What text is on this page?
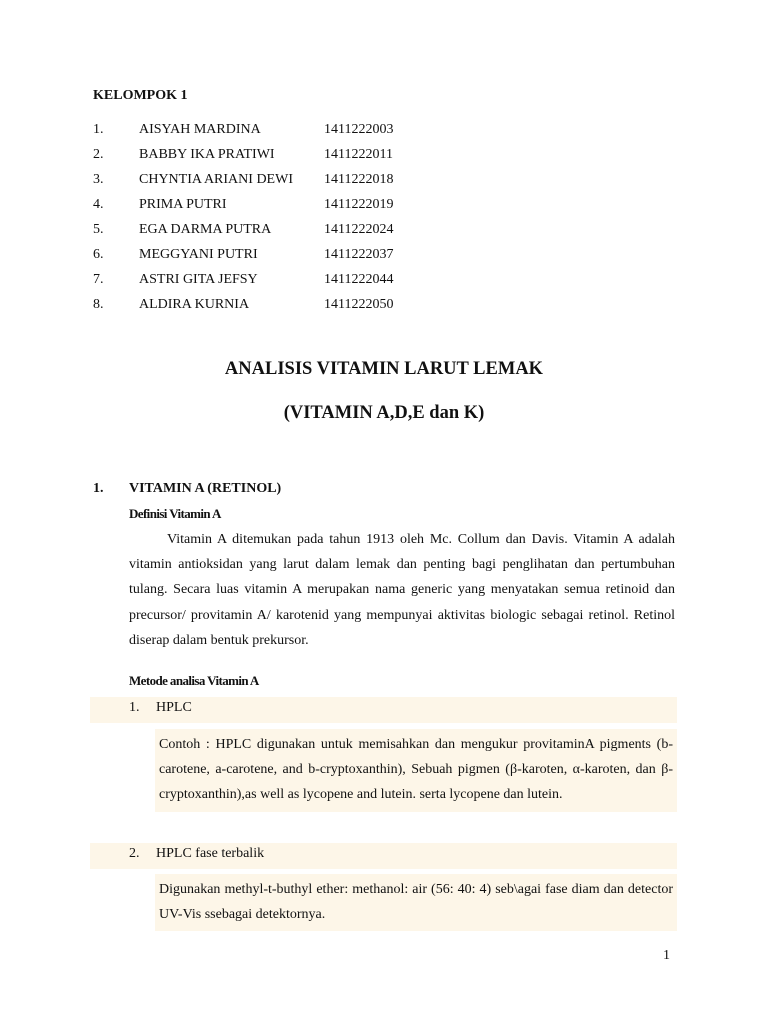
KELOMPOK 1
1.	AISYAH MARDINA	1411222003
2.	BABBY IKA PRATIWI	1411222011
3.	CHYNTIA ARIANI DEWI 1411222018
4.	PRIMA PUTRI	1411222019
5.	EGA DARMA PUTRA	1411222024
6.	MEGGYANI PUTRI	1411222037
7.	ASTRI GITA JEFSY	1411222044
8.	ALDIRA KURNIA	1411222050
ANALISIS VITAMIN LARUT LEMAK
(VITAMIN A,D,E dan K)
1. VITAMIN A (RETINOL)
Definisi Vitamin A

Vitamin A ditemukan pada tahun 1913 oleh Mc. Collum dan Davis. Vitamin A adalah vitamin antioksidan yang larut dalam lemak dan penting bagi penglihatan dan pertumbuhan tulang. Secara luas vitamin A merupakan nama generic yang menyatakan semua retinoid dan precursor/ provitamin A/ karotenid yang mempunyai aktivitas biologic sebagai retinol. Retinol diserap dalam bentuk prekursor.

Metode analisa Vitamin A
1. HPLC
Contoh : HPLC digunakan untuk memisahkan dan mengukur provitaminA pigments (b-carotene, a-carotene, and b-cryptoxanthin), Sebuah pigmen (β-karoten, α-karoten, dan β-cryptoxanthin),as well as lycopene and lutein. serta lycopene dan lutein.
2. HPLC fase terbalik
Digunakan methyl-t-buthyl ether: methanol: air (56: 40: 4) seb\agai fase diam dan detector UV-Vis ssebagai detektornya.
1
